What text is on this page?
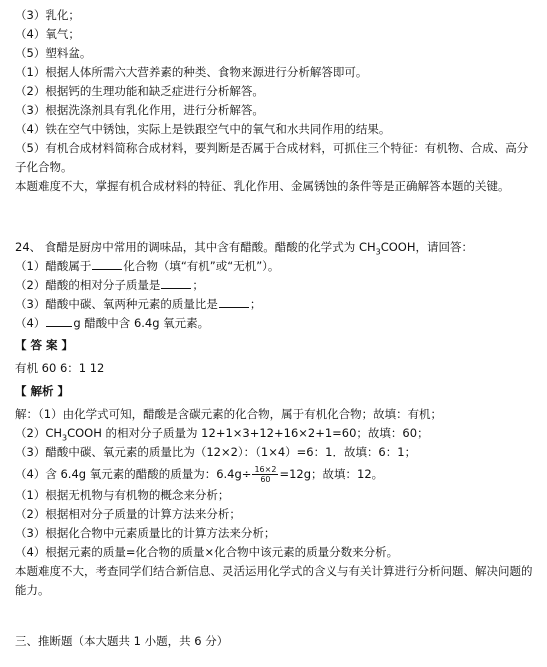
（3）乳化；
（4）氧气；
（5）塑料盆。
（1）根据人体所需六大营养素的种类、食物来源进行分析解答即可。
（2）根据钙的生理功能和缺乏症进行分析解答。
（3）根据洗涤剂具有乳化作用，进行分析解答。
（4）铁在空气中锈蚀，实际上是铁跟空气中的氧气和水共同作用的结果。
（5）有机合成材料简称合成材料，要判断是否属于合成材料，可抓住三个特征：有机物、合成、高分子化合物。
本题难度不大，掌握有机合成材料的特征、乳化作用、金属锈蚀的条件等是正确解答本题的关键。
24、 食醋是厨房中常用的调味品，其中含有醋酸。醋酸的化学式为 $CH_3COOH$，请回答：
（1）醋酸属于	化合物（填“有机”或“无机”）。
（2）醋酸的相对分子质量是	；
（3）醋酸中碳、氧两种元素的质量比是	；
（4） g 醋酸中含 6.4g 氧元素。
【 答 案 】
有机 60 6：1 12
【 解析 】
解：（1）由化学式可知，醋酸是含碳元素的化合物，属于有机化合物；故填：有机；
$(2)CH_3COOH$ 的相对分子质量为 12+1×3+12+16×2+1=60；故填：60；
（3）醋酸中碳、氧元素的质量比为（12×2）：（1×4）=6：1．故填：6：1；
（4）含 6.4g 氧元素的醋酸的质量为：$6.4g\div \frac{16\times 2}{60} =12g$；故填：12。
（1）根据无机物与有机物的概念来分析；
（2）根据相对分子质量的计算方法来分析；
（3）根据化合物中元素质量比的计算方法来分析；
（4）根据元素的质量=化合物的质量×化合物中该元素的质量分数来分析。
本题难度不大，考查同学们结合新信息、灵活运用化学式的含义与有关计算进行分析问题、解决问题的能力。
三、推断题（本大题共 1 小题，共 6 分）
